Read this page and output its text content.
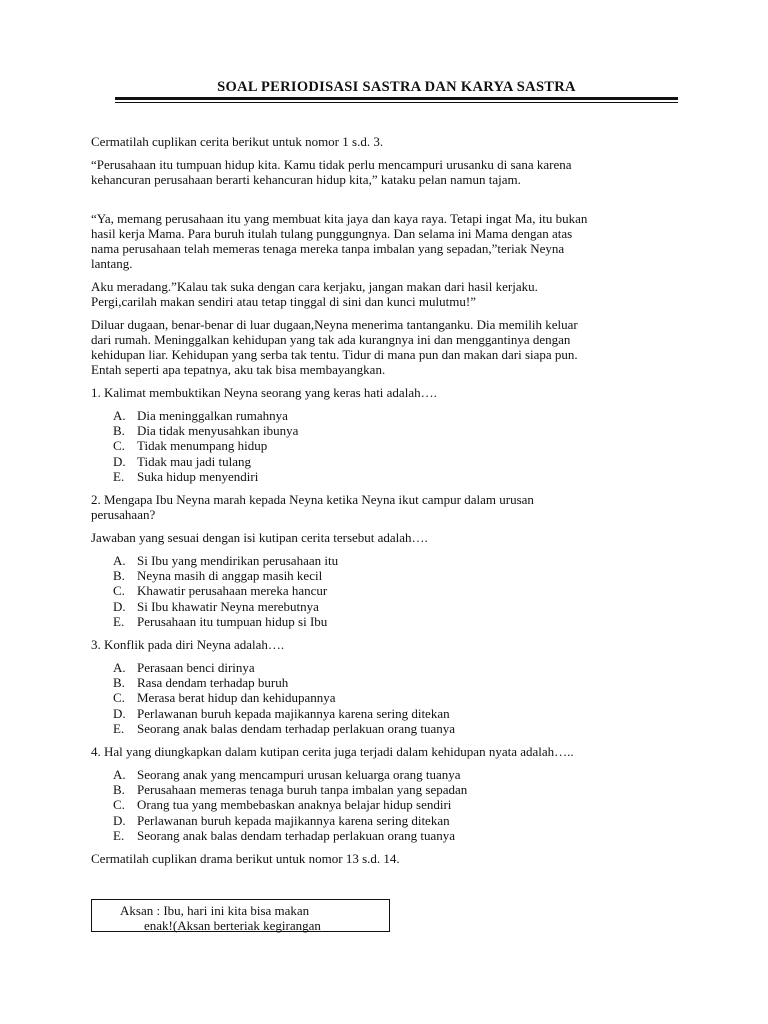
SOAL PERIODISASI SASTRA DAN KARYA SASTRA

Cermatilah cuplikan cerita berikut untuk nomor 1 s.d. 3.

“Perusahaan itu tumpuan hidup kita. Kamu tidak perlu mencampuri urusanku di sana karena

kehancuran perusahaan berarti kehancuran hidup kita,” kataku pelan namun tajam.

“Ya, memang perusahaan itu yang membuat kita jaya dan kaya raya. Tetapi ingat Ma, itu bukan

hasil kerja Mama. Para buruh itulah tulang punggungnya. Dan selama ini Mama dengan atas

nama perusahaan telah memeras tenaga mereka tanpa imbalan yang sepadan,”teriak Neyna

lantang.

Aku meradang.”Kalau tak suka dengan cara kerjaku, jangan makan dari hasil kerjaku.

Pergi,carilah makan sendiri atau tetap tinggal di sini dan kunci mulutmu!”

Diluar dugaan, benar-benar di luar dugaan,Neyna menerima tantanganku. Dia memilih keluar

dari rumah. Meninggalkan kehidupan yang tak ada kurangnya ini dan menggantinya dengan

kehidupan liar. Kehidupan yang serba tak tentu. Tidur di mana pun dan makan dari siapa pun.

Entah seperti apa tepatnya, aku tak bisa membayangkan.

1. Kalimat membuktikan Neyna seorang yang keras hati adalah….

A. Dia meninggalkan rumahnya
B. Dia tidak menyusahkan ibunya
C. Tidak menumpang hidup
D. Tidak mau jadi tulang
E. Suka hidup menyendiri

2. Mengapa Ibu Neyna marah kepada Neyna ketika Neyna ikut campur dalam urusan

perusahaan?

Jawaban yang sesuai dengan isi kutipan cerita tersebut adalah….

A. Si Ibu yang mendirikan perusahaan itu
B. Neyna masih di anggap masih kecil
C. Khawatir perusahaan mereka hancur
D. Si Ibu khawatir Neyna merebutnya
E. Perusahaan itu tumpuan hidup si Ibu

3. Konflik pada diri Neyna adalah….

A. Perasaan benci dirinya
B. Rasa dendam terhadap buruh
C. Merasa berat hidup dan kehidupannya
D. Perlawanan buruh kepada majikannya karena sering ditekan
E. Seorang anak balas dendam terhadap perlakuan orang tuanya

4. Hal yang diungkapkan dalam kutipan cerita juga terjadi dalam kehidupan nyata adalah…..

A. Seorang anak yang mencampuri urusan keluarga orang tuanya
B. Perusahaan memeras tenaga buruh tanpa imbalan yang sepadan
C. Orang tua yang membebaskan anaknya belajar hidup sendiri
D. Perlawanan buruh kepada majikannya karena sering ditekan
E. Seorang anak balas dendam terhadap perlakuan orang tuanya

Cermatilah cuplikan drama berikut untuk nomor 13 s.d. 14.

Aksan : Ibu, hari ini kita bisa makan
enak!(Aksan berteriak kegirangan
